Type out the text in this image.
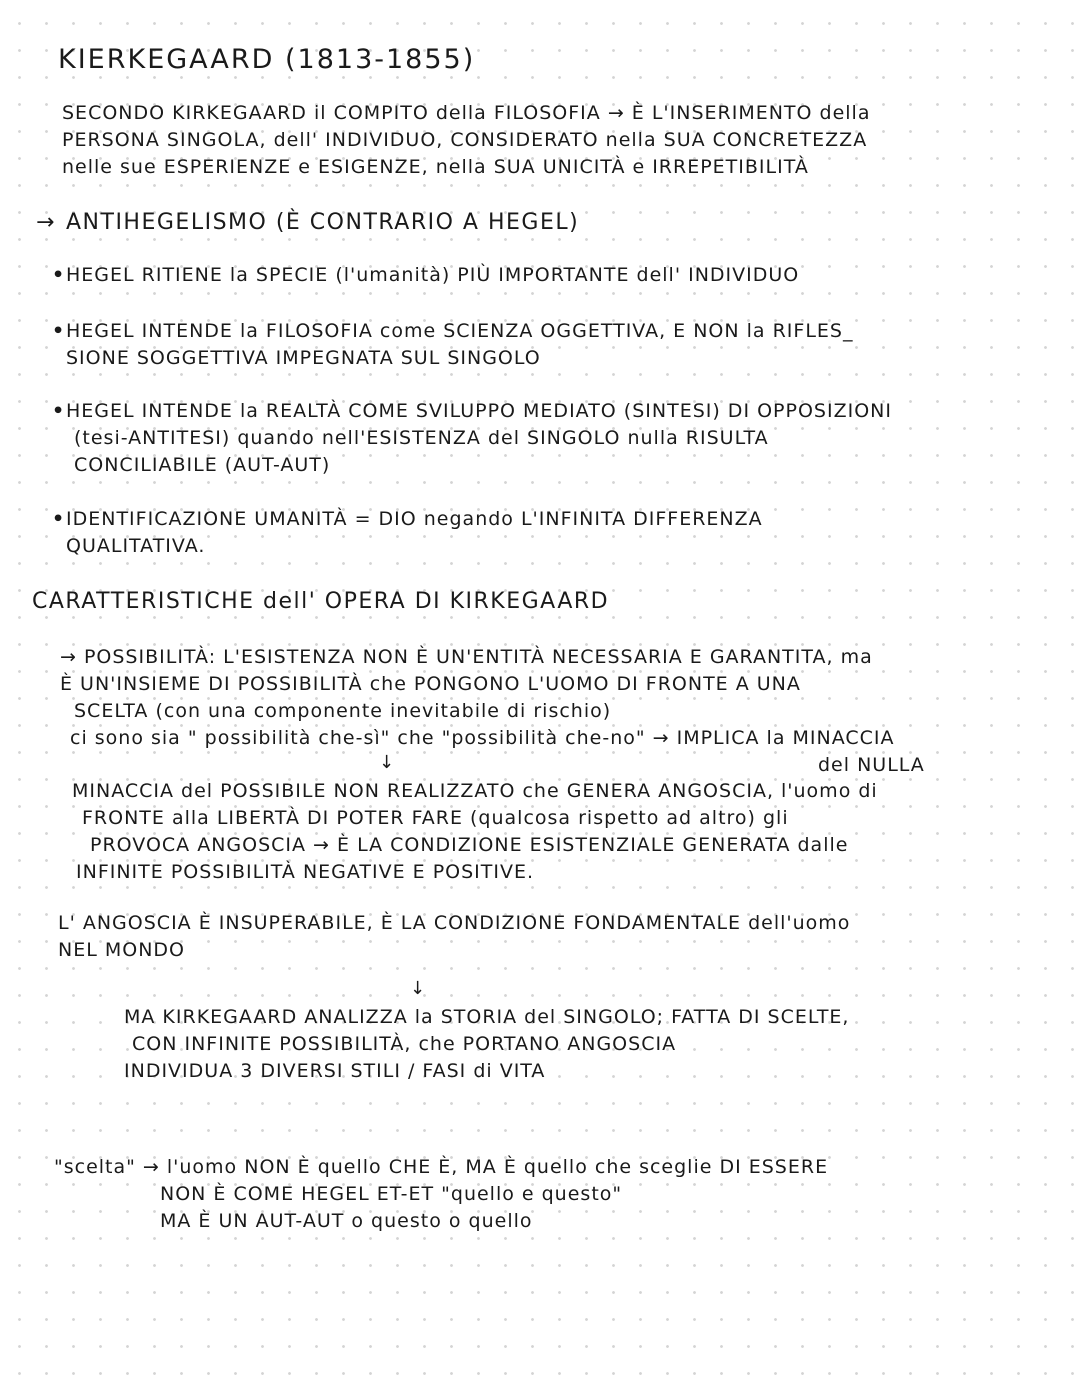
KIERKEGAARD (1813-1855)
SECONDO KIRKEGAARD il COMPITO della FILOSOFIA → È L'INSERIMENTO della
PERSONA SINGOLA, dell' INDIVIDUO, CONSIDERATO nella SUA CONCRETEZZA
nelle sue ESPERIENZE e ESIGENZE, nella SUA UNICITÀ e IRREPETIBILITÀ
→ ANTIHEGELISMO (È CONTRARIO A HEGEL)
•HEGEL RITIENE la SPECIE (l'umanità) PIÙ IMPORTANTE dell' INDIVIDUO
•HEGEL INTENDE la FILOSOFIA come SCIENZA OGGETTIVA, E NON la RIFLES_
SIONE SOGGETTIVA IMPEGNATA SUL SINGOLO
•HEGEL INTENDE la REALTÀ COME SVILUPPO MEDIATO (SINTESI) DI OPPOSIZIONI
(tesi-ANTITESI) quando nell'ESISTENZA del SINGOLO nulla RISULTA
CONCILIABILE (AUT-AUT)
•IDENTIFICAZIONE UMANITÀ = DIO negando L'INFINITA DIFFERENZA
QUALITATIVA.
CARATTERISTICHE dell' OPERA DI KIRKEGAARD
→ POSSIBILITÀ: L'ESISTENZA NON È UN'ENTITÀ NECESSARIA E GARANTITA, ma
È UN'INSIEME DI POSSIBILITÀ che PONGONO L'UOMO DI FRONTE A UNA
SCELTA (con una componente inevitabile di rischio)
ci sono sia " possibilità che-sì" che "possibilità che-no" → IMPLICA la MINACCIA
↓	del NULLA
MINACCIA del POSSIBILE NON REALIZZATO che GENERA ANGOSCIA, l'uomo di
FRONTE alla LIBERTÀ DI POTER FARE (qualcosa rispetto ad altro) gli
PROVOCA ANGOSCIA → È LA CONDIZIONE ESISTENZIALE GENERATA dalle
INFINITE POSSIBILITÀ NEGATIVE E POSITIVE.
L' ANGOSCIA È INSUPERABILE, È LA CONDIZIONE FONDAMENTALE dell'uomo
NEL MONDO
↓
MA KIRKEGAARD ANALIZZA la STORIA del SINGOLO; FATTA DI SCELTE,
CON INFINITE POSSIBILITÀ, che PORTANO ANGOSCIA
INDIVIDUA 3 DIVERSI STILI / FASI di VITA
"scelta" → l'uomo NON È quello CHE È, MA È quello che sceglie DI ESSERE
NON È COME HEGEL ET-ET "quello e questo"
MA È UN AUT-AUT o questo o quello
